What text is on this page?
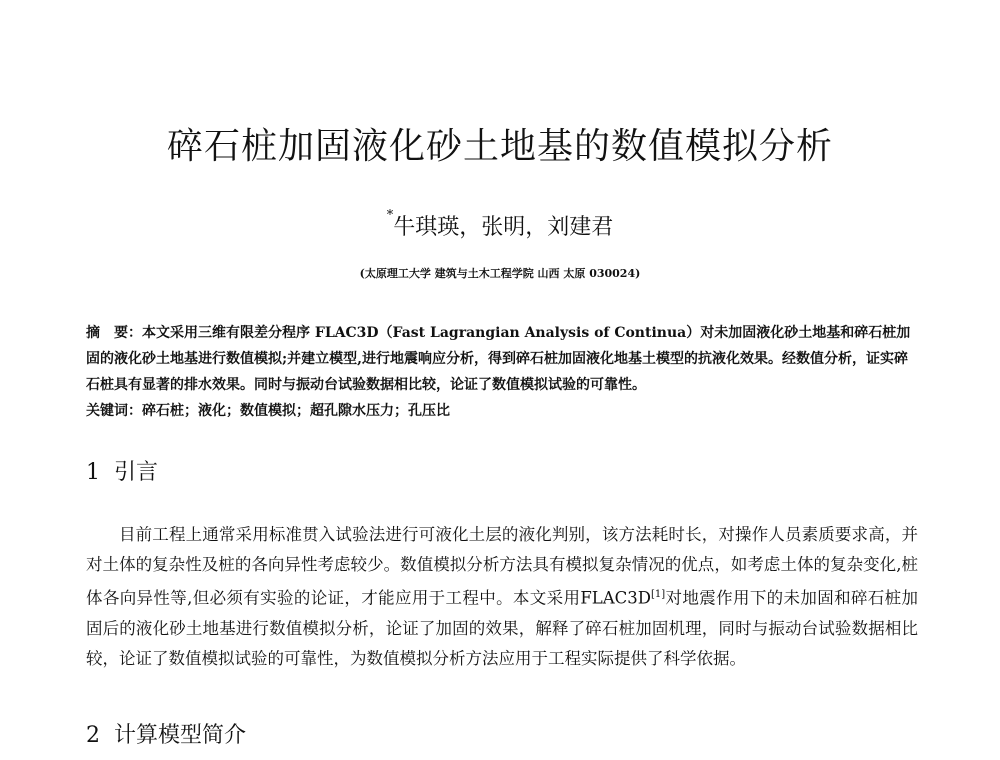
碎石桩加固液化砂土地基的数值模拟分析
*牛琪瑛，张明，刘建君
(太原理工大学 建筑与土木工程学院 山西 太原 030024)

摘　要：本文采用三维有限差分程序 FLAC3D（Fast Lagrangian Analysis of Continua）对未加固液化砂土地基和碎石桩加固的液化砂土地基进行数值模拟;并建立模型,进行地震响应分析，得到碎石桩加固液化地基土模型的抗液化效果。经数值分析，证实碎石桩具有显著的排水效果。同时与振动台试验数据相比较，论证了数值模拟试验的可靠性。

关键词：碎石桩；液化；数值模拟；超孔隙水压力；孔压比

1 引言

目前工程上通常采用标准贯入试验法进行可液化土层的液化判别，该方法耗时长，对操作人员素质要求高，并对土体的复杂性及桩的各向异性考虑较少。数值模拟分析方法具有模拟复杂情况的优点，如考虑土体的复杂变化,桩体各向异性等,但必须有实验的论证，才能应用于工程中。本文采用FLAC3D[1]对地震作用下的未加固和碎石桩加固后的液化砂土地基进行数值模拟分析，论证了加固的效果，解释了碎石桩加固机理，同时与振动台试验数据相比较，论证了数值模拟试验的可靠性，为数值模拟分析方法应用于工程实际提供了科学依据。

2 计算模型简介
